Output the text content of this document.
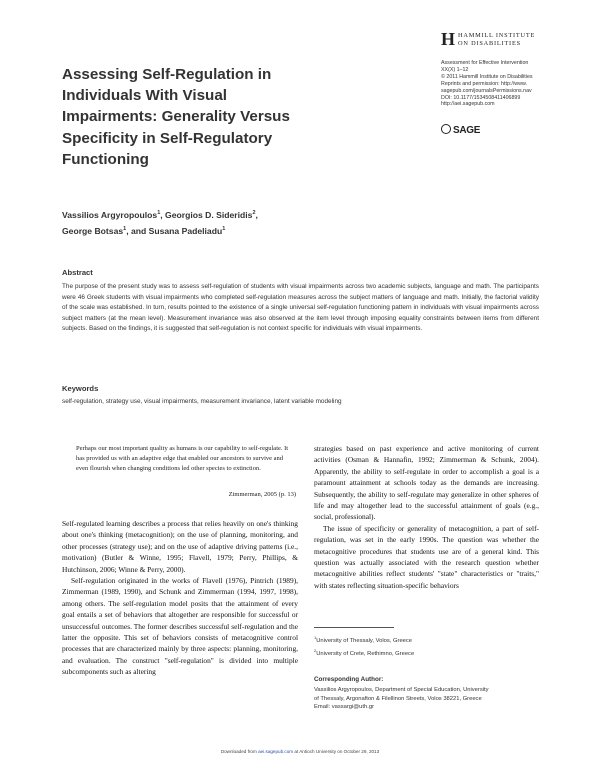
H HAMMILL INSTITUTE
ON DISABILITIES
Assessment for Effective Intervention
XX(X) 1–12
© 2011 Hammill Institute on Disabilities
Reprints and permission: http://www.
sagepub.com/journalsPermissions.nav
DOI: 10.1177/1534508411406899
http://aei.sagepub.com
SAGE
Assessing Self-Regulation in Individuals With Visual Impairments: Generality Versus Specificity in Self-Regulatory Functioning
Vassilios Argyropoulos$^1$, Georgios D. Sideridis$^2$,
George Botsas$^1$, and Susana Padeliadu$^1$
Abstract
The purpose of the present study was to assess self-regulation of students with visual impairments across two academic subjects, language and math. The participants were 46 Greek students with visual impairments who completed self-regulation measures across the subject matters of language and math. Initially, the factorial validity of the scale was established. In turn, results pointed to the existence of a single universal self-regulation functioning pattern in individuals with visual impairments across subject matters (at the mean level). Measurement invariance was also observed at the item level through imposing equality constraints between items from different subjects. Based on the findings, it is suggested that self-regulation is not context specific for individuals with visual impairments.
Keywords
self-regulation, strategy use, visual impairments, measurement invariance, latent variable modeling
Perhaps our most important quality as humans is our capability to self-regulate. It has provided us with an adaptive edge that enabled our ancestors to survive and even flourish when changing conditions led other species to extinction.
Zimmerman, 2005 (p. 13)

Self-regulated learning describes a process that relies heavily on one's thinking about one's thinking (metacognition); on the use of planning, monitoring, and other processes (strategy use); and on the use of adaptive driving patterns (i.e., motivation) (Butler & Winne, 1995; Flavell, 1979; Perry, Phillips, & Hutchinson, 2006; Winne & Perry, 2000).

Self-regulation originated in the works of Flavell (1976), Pintrich (1989), Zimmerman (1989, 1990), and Schunk and Zimmerman (1994, 1997, 1998), among others. The self-regulation model posits that the attainment of every goal entails a set of behaviors that altogether are responsible for successful or unsuccessful outcomes. The former describes successful self-regulation and the latter the opposite. This set of behaviors consists of metacognitive control processes that are characterized mainly by three aspects: planning, monitoring, and evaluation. The construct "self-regulation" is divided into multiple subcomponents such as altering

strategies based on past experience and active monitoring of current activities (Osman & Hannafin, 1992; Zimmerman & Schunk, 2004). Apparently, the ability to self-regulate in order to accomplish a goal is a paramount attainment at schools today as the demands are increasing. Subsequently, the ability to self-regulate may generalize in other spheres of life and may altogether lead to the successful attainment of goals (e.g., social, professional).

The issue of specificity or generality of metacognition, a part of self-regulation, was set in the early 1990s. The question was whether the metacognitive procedures that students use are of a general kind. This question was actually associated with the research question whether metacognitive abilities reflect students' "state" characteristics or "traits," with states reflecting situation-specific behaviors

$^1$University of Thessaly, Volos, Greece
$^2$University of Crete, Rethimno, Greece
Corresponding Author:
Vassilios Argyropoulos, Department of Special Education, University
of Thessaly, Argonafton & Filellinon Streets, Volos 38221, Greece
Email: vassargi@uth.gr
Downloaded from aei.sagepub.com at Antioch University on October 29, 2013
